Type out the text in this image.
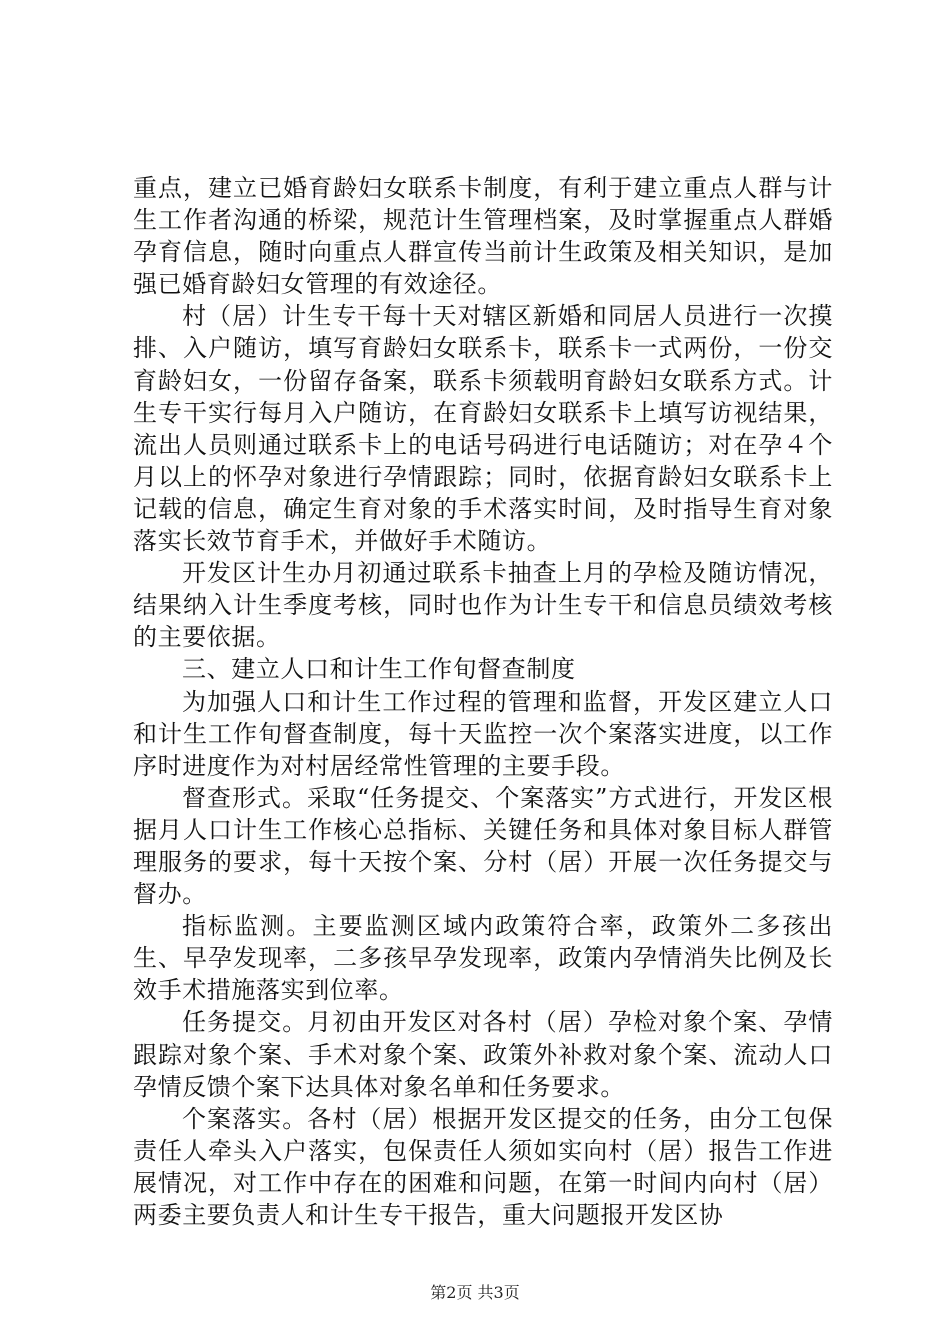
重点，建立已婚育龄妇女联系卡制度，有利于建立重点人群与计生工作者沟通的桥梁，规范计生管理档案，及时掌握重点人群婚孕育信息，随时向重点人群宣传当前计生政策及相关知识，是加强已婚育龄妇女管理的有效途径。

村（居）计生专干每十天对辖区新婚和同居人员进行一次摸排、入户随访，填写育龄妇女联系卡，联系卡一式两份，一份交育龄妇女，一份留存备案，联系卡须载明育龄妇女联系方式。计生专干实行每月入户随访，在育龄妇女联系卡上填写访视结果，流出人员则通过联系卡上的电话号码进行电话随访；对在孕４个月以上的怀孕对象进行孕情跟踪；同时，依据育龄妇女联系卡上记载的信息，确定生育对象的手术落实时间，及时指导生育对象落实长效节育手术，并做好手术随访。

开发区计生办月初通过联系卡抽查上月的孕检及随访情况，结果纳入计生季度考核，同时也作为计生专干和信息员绩效考核的主要依据。

三、建立人口和计生工作旬督查制度

为加强人口和计生工作过程的管理和监督，开发区建立人口和计生工作旬督查制度，每十天监控一次个案落实进度，以工作序时进度作为对村居经常性管理的主要手段。

督查形式。采取“任务提交、个案落实”方式进行，开发区根据月人口计生工作核心总指标、关键任务和具体对象目标人群管理服务的要求，每十天按个案、分村（居）开展一次任务提交与督办。

指标监测。主要监测区域内政策符合率，政策外二多孩出生、早孕发现率，二多孩早孕发现率，政策内孕情消失比例及长效手术措施落实到位率。

任务提交。月初由开发区对各村（居）孕检对象个案、孕情跟踪对象个案、手术对象个案、政策外补救对象个案、流动人口孕情反馈个案下达具体对象名单和任务要求。

个案落实。各村（居）根据开发区提交的任务，由分工包保责任人牵头入户落实，包保责任人须如实向村（居）报告工作进展情况，对工作中存在的困难和问题，在第一时间内向村（居）两委主要负责人和计生专干报告，重大问题报开发区协

第2页 共3页
